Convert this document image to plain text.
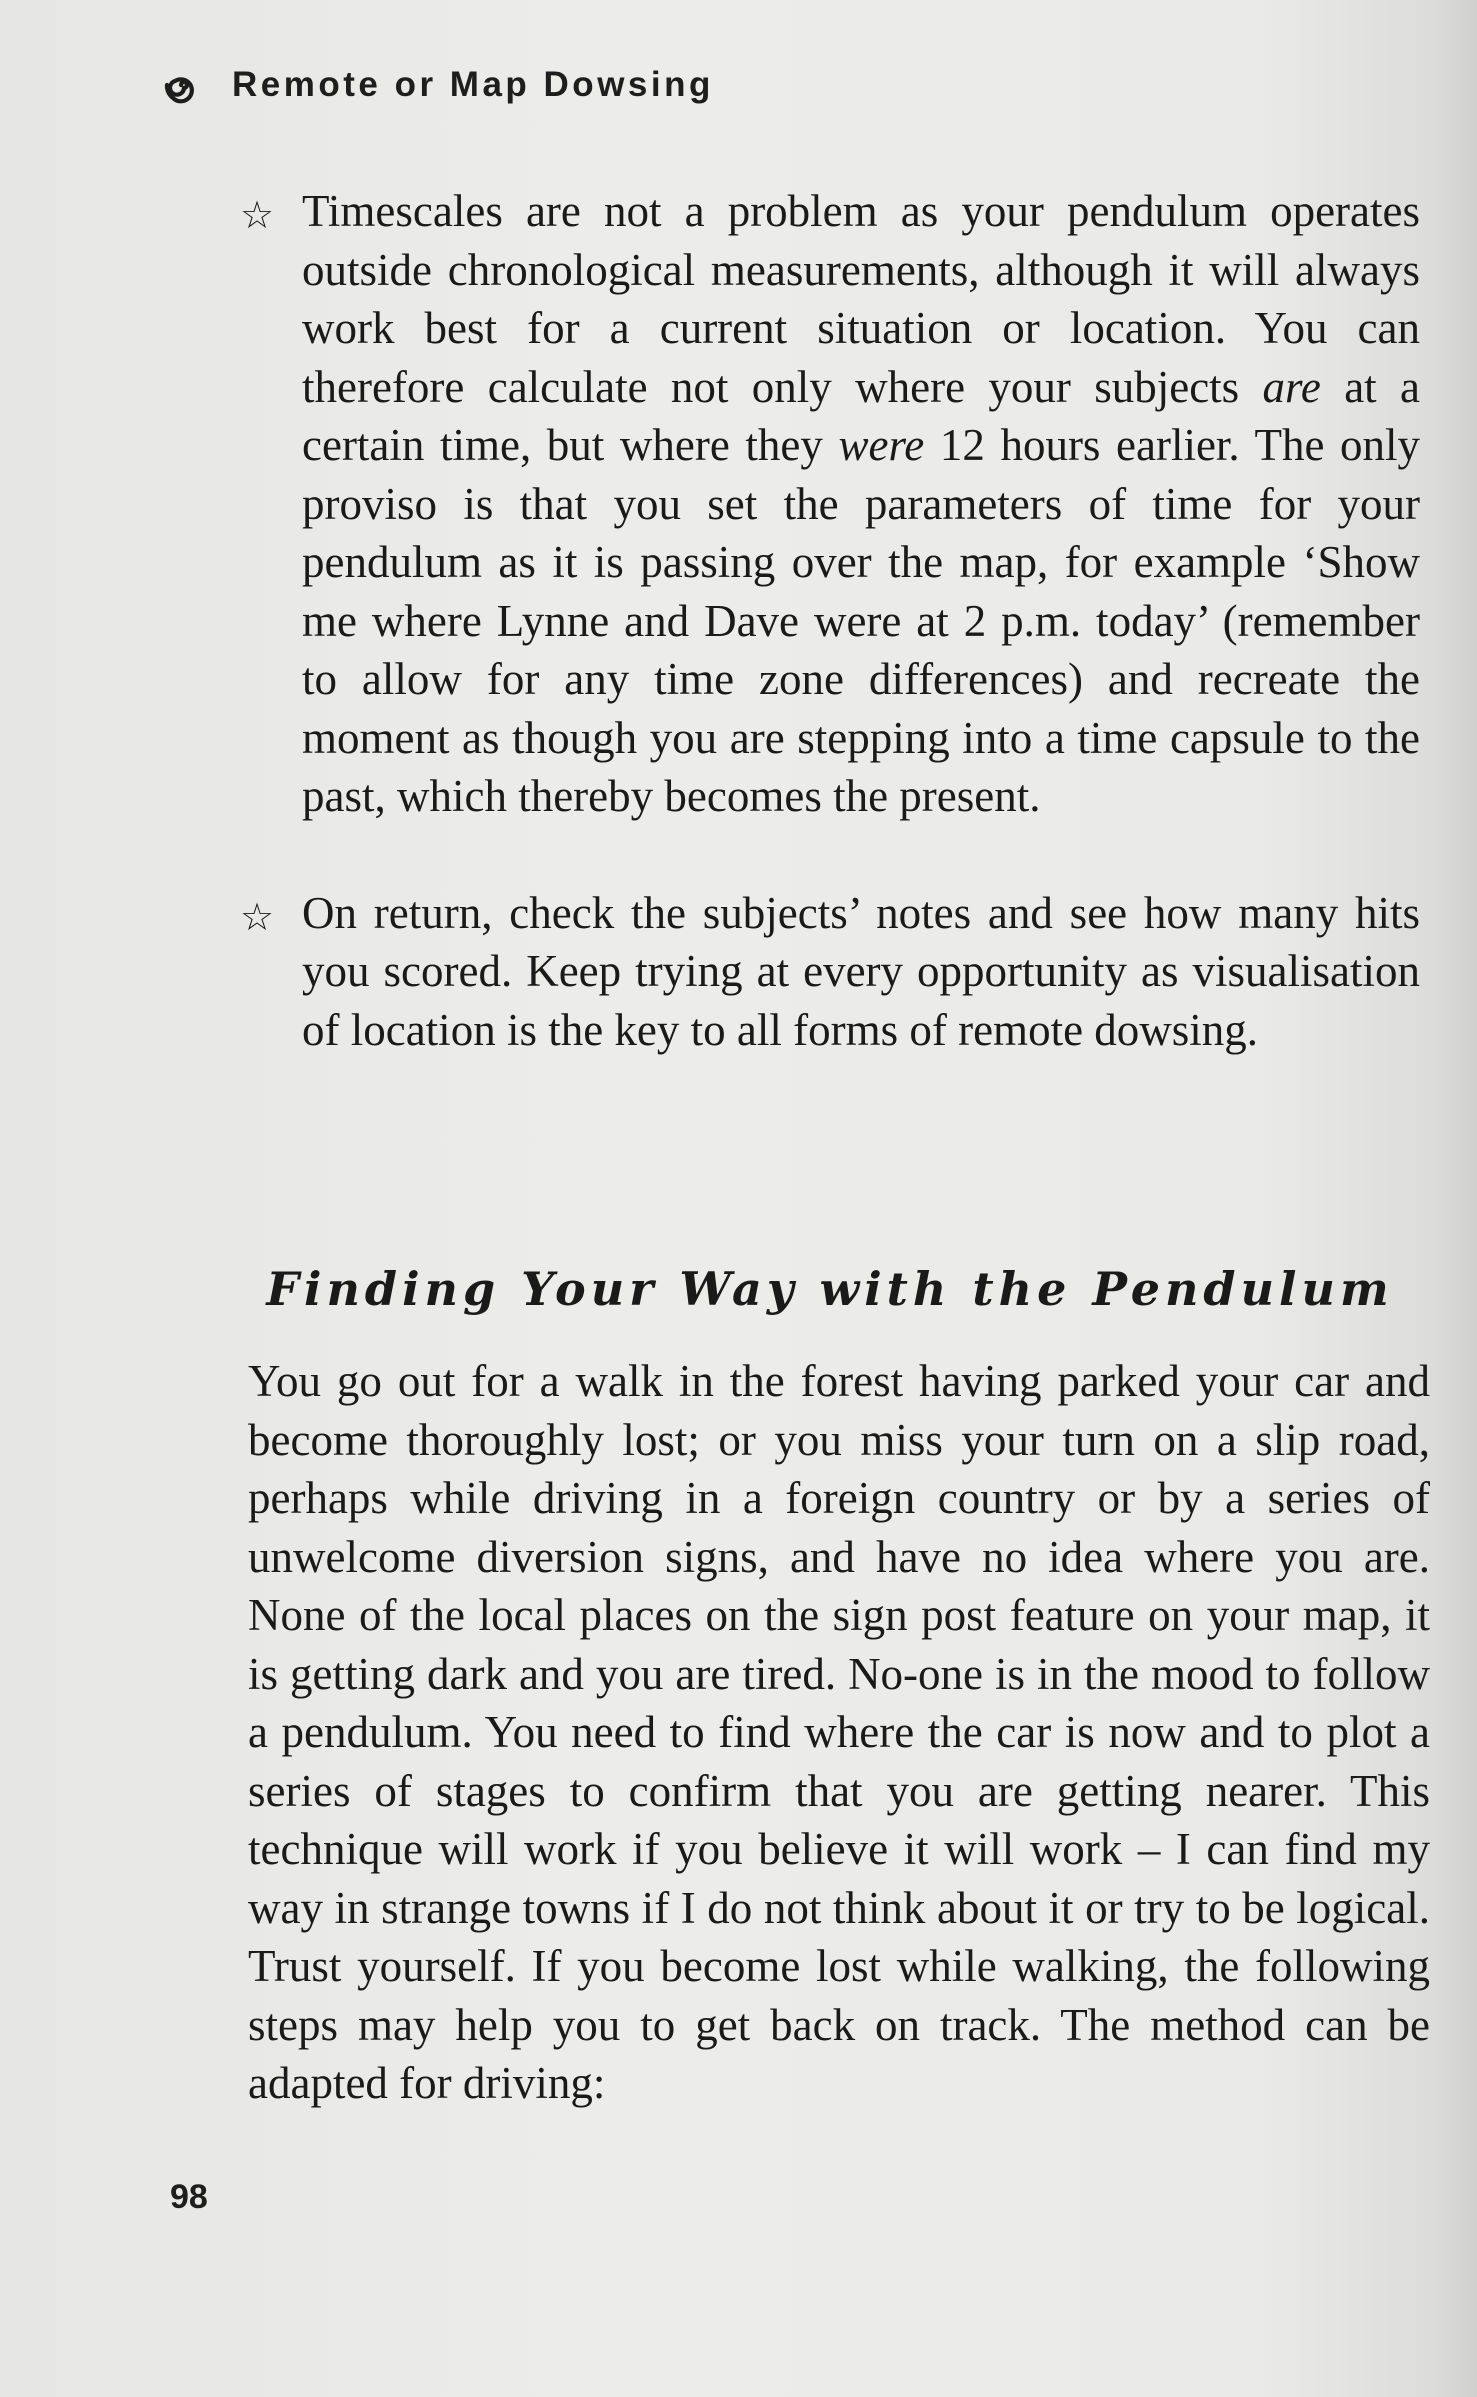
Remote or Map Dowsing
☆ Timescales are not a problem as your pendulum operates outside chronological measurements, although it will always work best for a current situation or location. You can therefore calculate not only where your subjects are at a certain time, but where they were 12 hours earlier. The only proviso is that you set the parameters of time for your pendulum as it is passing over the map, for example ‘Show me where Lynne and Dave were at 2 p.m. today’ (remember to allow for any time zone differences) and recreate the moment as though you are stepping into a time capsule to the past, which thereby becomes the present.
☆ On return, check the subjects’ notes and see how many hits you scored. Keep trying at every opportunity as visualisation of location is the key to all forms of remote dowsing.
Finding Your Way with the Pendulum
You go out for a walk in the forest having parked your car and become thoroughly lost; or you miss your turn on a slip road, perhaps while driving in a foreign country or by a series of unwelcome diversion signs, and have no idea where you are. None of the local places on the sign post feature on your map, it is getting dark and you are tired. No-one is in the mood to follow a pendulum. You need to find where the car is now and to plot a series of stages to confirm that you are getting nearer. This technique will work if you believe it will work – I can find my way in strange towns if I do not think about it or try to be logical. Trust yourself. If you become lost while walking, the following steps may help you to get back on track. The method can be adapted for driving:
98
